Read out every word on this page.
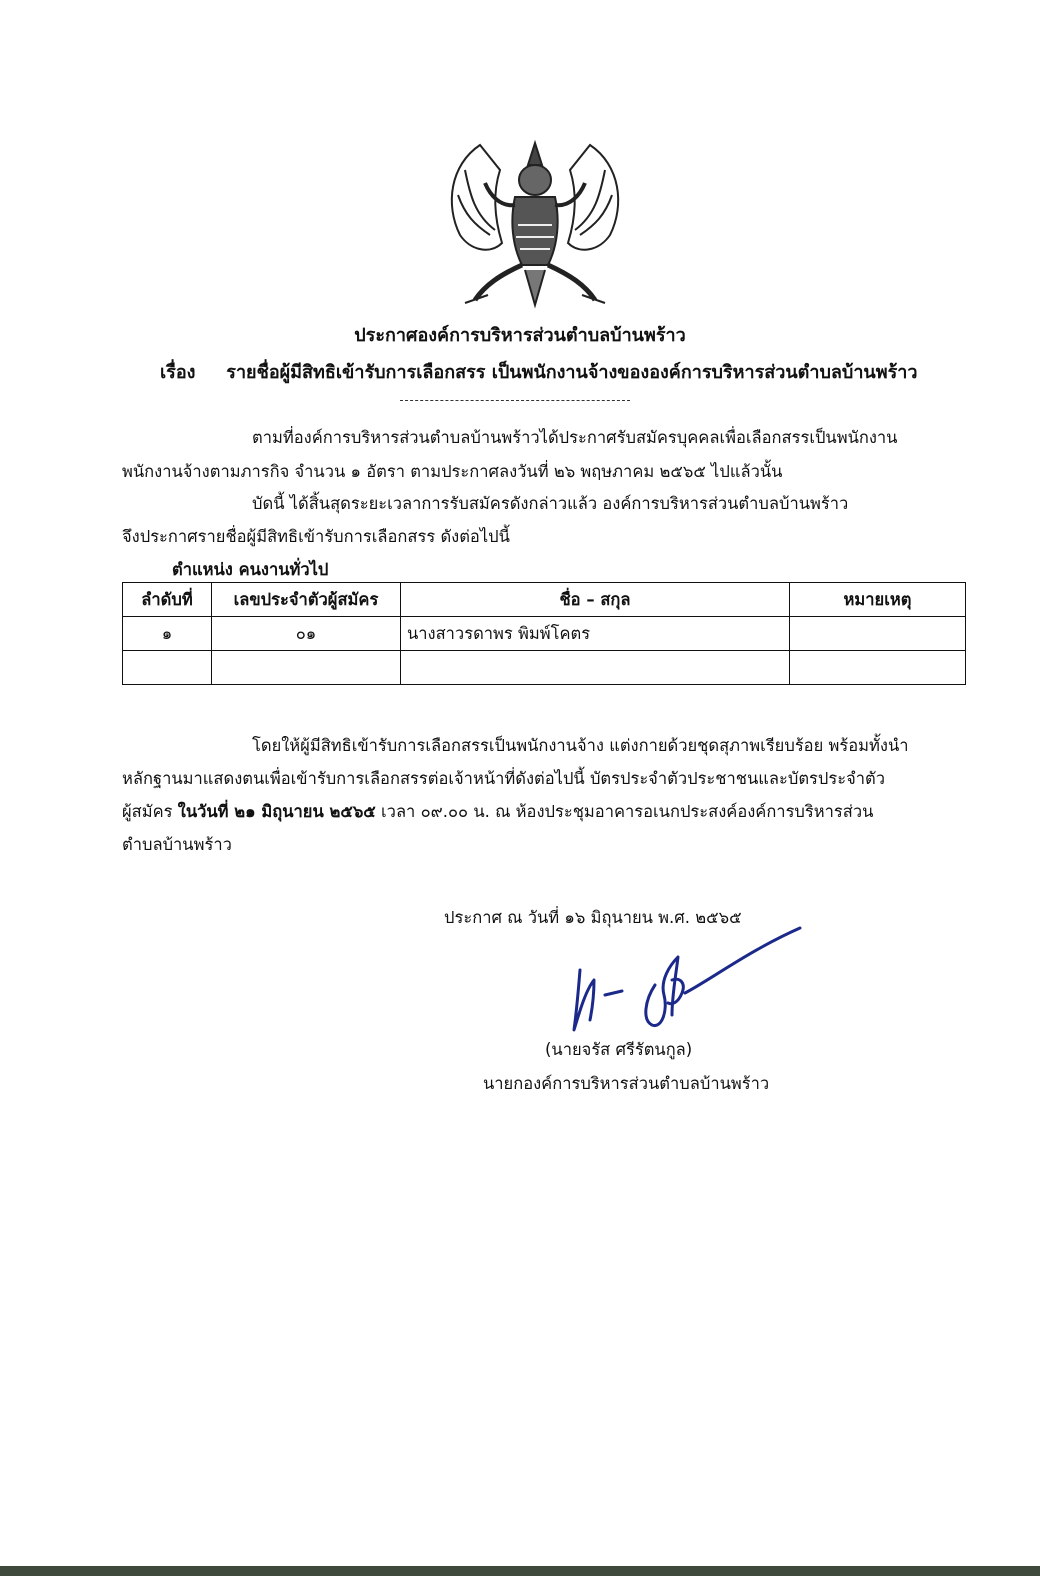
ประกาศองค์การบริหารส่วนตำบลบ้านพร้าว
เรื่อง รายชื่อผู้มีสิทธิเข้ารับการเลือกสรร เป็นพนักงานจ้างขององค์การบริหารส่วนตำบลบ้านพร้าว
ตามที่องค์การบริหารส่วนตำบลบ้านพร้าวได้ประกาศรับสมัครบุคคลเพื่อเลือกสรรเป็นพนักงาน
พนักงานจ้างตามภารกิจ จำนวน ๑ อัตรา ตามประกาศลงวันที่ ๒๖ พฤษภาคม ๒๕๖๕ ไปแล้วนั้น
บัดนี้ ได้สิ้นสุดระยะเวลาการรับสมัครดังกล่าวแล้ว องค์การบริหารส่วนตำบลบ้านพร้าว
จึงประกาศรายชื่อผู้มีสิทธิเข้ารับการเลือกสรร ดังต่อไปนี้
ตำแหน่ง คนงานทั่วไป
ลำดับที่	เลขประจำตัวผู้สมัคร	ชื่อ – สกุล	หมายเหตุ
๑	๐๑	นางสาวรดาพร พิมพ์โคตร	

โดยให้ผู้มีสิทธิเข้ารับการเลือกสรรเป็นพนักงานจ้าง แต่งกายด้วยชุดสุภาพเรียบร้อย พร้อมทั้งนำ
หลักฐานมาแสดงตนเพื่อเข้ารับการเลือกสรรต่อเจ้าหน้าที่ดังต่อไปนี้ บัตรประจำตัวประชาชนและบัตรประจำตัว
ผู้สมัคร ในวันที่ ๒๑ มิถุนายน ๒๕๖๕ เวลา ๐๙.๐๐ น. ณ ห้องประชุมอาคารอเนกประสงค์องค์การบริหารส่วน
ตำบลบ้านพร้าว
ประกาศ ณ วันที่ ๑๖ มิถุนายน พ.ศ. ๒๕๖๕
(นายจรัส ศรีรัตนกูล)
นายกองค์การบริหารส่วนตำบลบ้านพร้าว
